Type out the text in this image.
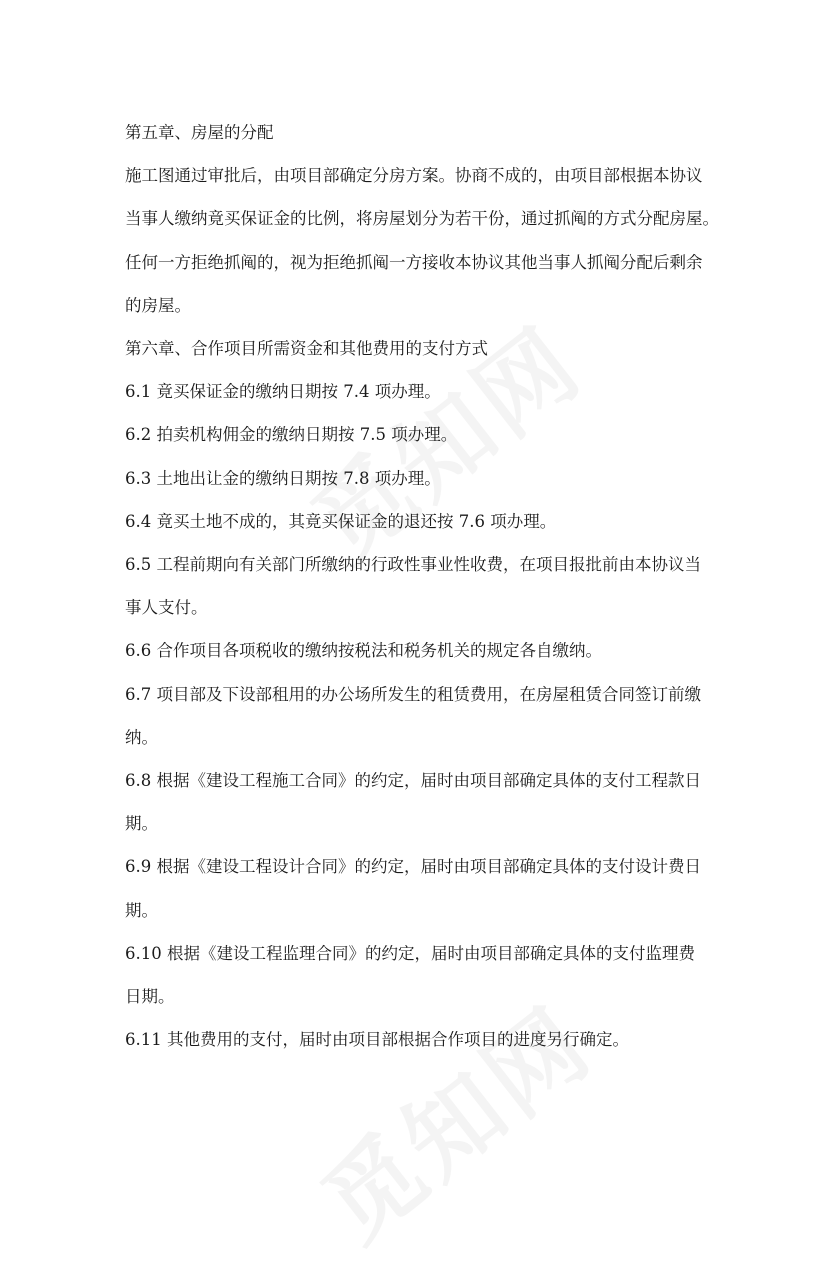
第五章、房屋的分配

施工图通过审批后，由项目部确定分房方案。协商不成的，由项目部根据本协议
当事人缴纳竟买保证金的比例，将房屋划分为若干份，通过抓阄的方式分配房屋。
任何一方拒绝抓阄的，视为拒绝抓阄一方接收本协议其他当事人抓阄分配后剩余
的房屋。

第六章、合作项目所需资金和其他费用的支付方式

6.1 竟买保证金的缴纳日期按 7.4 项办理。

6.2 拍卖机构佣金的缴纳日期按 7.5 项办理。

6.3 土地出让金的缴纳日期按 7.8 项办理。

6.4 竟买土地不成的，其竟买保证金的退还按 7.6 项办理。

6.5 工程前期向有关部门所缴纳的行政性事业性收费，在项目报批前由本协议当
事人支付。

6.6 合作项目各项税收的缴纳按税法和税务机关的规定各自缴纳。

6.7 项目部及下设部租用的办公场所发生的租赁费用，在房屋租赁合同签订前缴
纳。

6.8 根据《建设工程施工合同》的约定，届时由项目部确定具体的支付工程款日
期。

6.9 根据《建设工程设计合同》的约定，届时由项目部确定具体的支付设计费日
期。

6.10 根据《建设工程监理合同》的约定，届时由项目部确定具体的支付监理费
日期。

6.11 其他费用的支付，届时由项目部根据合作项目的进度另行确定。
